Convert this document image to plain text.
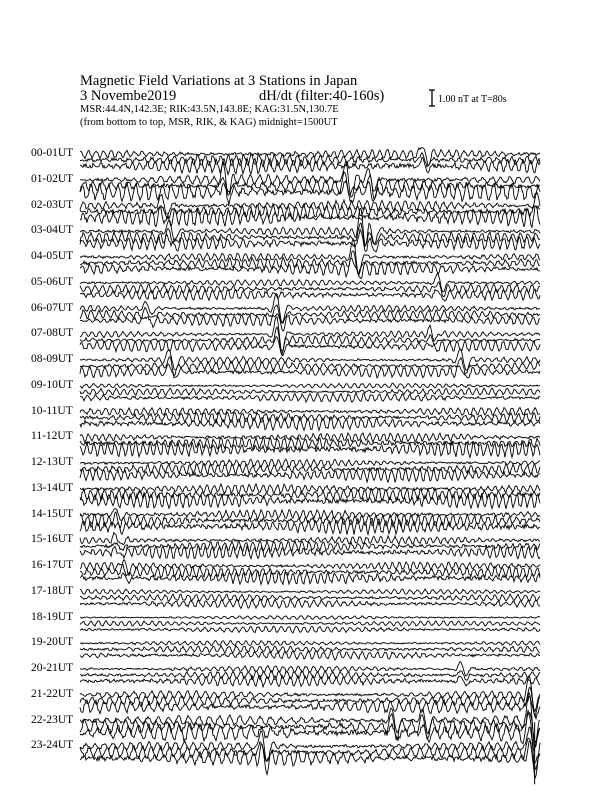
Magnetic Field Variations at 3 Stations in Japan
3 Novembe2019	dH/dt (filter:40-160s)
MSR:44.4N,142.3E; RIK:43.5N,143.8E; KAG:31.5N,130.7E
(from bottom to top, MSR, RIK, & KAG) midnight=1500UT
1.00 nT at T=80s
00-01UT
01-02UT
02-03UT
03-04UT
04-05UT
05-06UT
06-07UT
07-08UT
08-09UT
09-10UT
10-11UT
11-12UT
12-13UT
13-14UT
14-15UT
15-16UT
16-17UT
17-18UT
18-19UT
19-20UT
20-21UT
21-22UT
22-23UT
23-24UT
